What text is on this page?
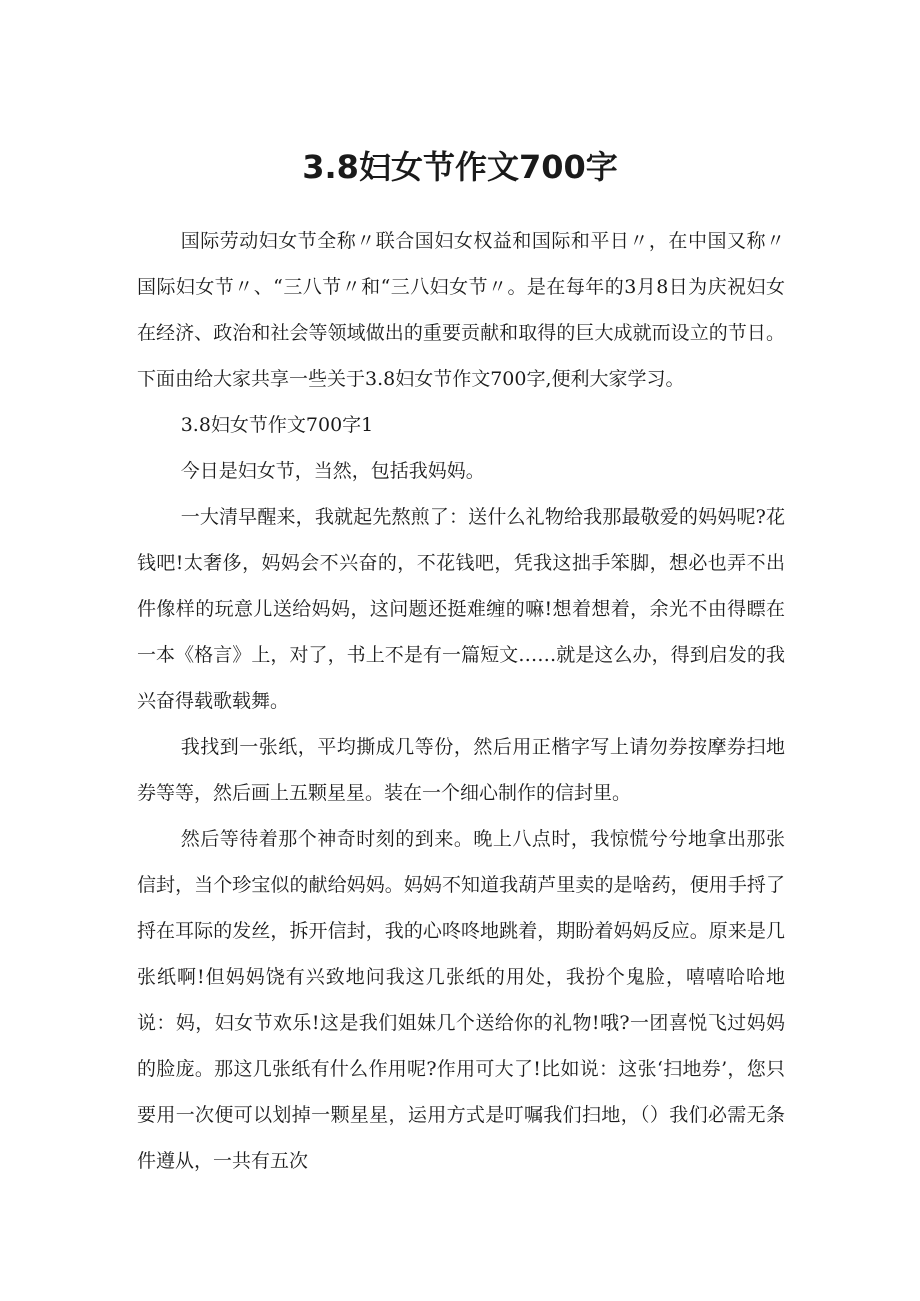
3.8妇女节作文700字

国际劳动妇女节全称〃联合国妇女权益和国际和平日〃，在中国又称〃国际妇女节〃、“三八节〃和“三八妇女节〃。是在每年的3月8日为庆祝妇女在经济、政治和社会等领域做出的重要贡献和取得的巨大成就而设立的节日。下面由给大家共享一些关于3.8妇女节作文700字,便利大家学习。

3.8妇女节作文700字1

今日是妇女节，当然，包括我妈妈。

一大清早醒来，我就起先熬煎了：送什么礼物给我那最敬爱的妈妈呢?花钱吧!太奢侈，妈妈会不兴奋的，不花钱吧，凭我这拙手笨脚，想必也弄不出件像样的玩意儿送给妈妈，这问题还挺难缠的嘛!想着想着，余光不由得瞟在一本《格言》上，对了，书上不是有一篇短文……就是这么办，得到启发的我兴奋得载歌载舞。

我找到一张纸，平均撕成几等份，然后用正楷字写上请勿券按摩券扫地券等等，然后画上五颗星星。装在一个细心制作的信封里。

然后等待着那个神奇时刻的到来。晚上八点时，我惊慌兮兮地拿出那张信封，当个珍宝似的献给妈妈。妈妈不知道我葫芦里卖的是啥药，便用手捋了捋在耳际的发丝，拆开信封，我的心咚咚地跳着，期盼着妈妈反应。原来是几张纸啊!但妈妈饶有兴致地问我这几张纸的用处，我扮个鬼脸，嘻嘻哈哈地说：妈，妇女节欢乐!这是我们姐妹几个送给你的礼物!哦?一团喜悦飞过妈妈的脸庞。那这几张纸有什么作用呢?作用可大了!比如说：这张‘扫地券’，您只要用一次便可以划掉一颗星星，运用方式是叮嘱我们扫地，（）我们必需无条件遵从，一共有五次
